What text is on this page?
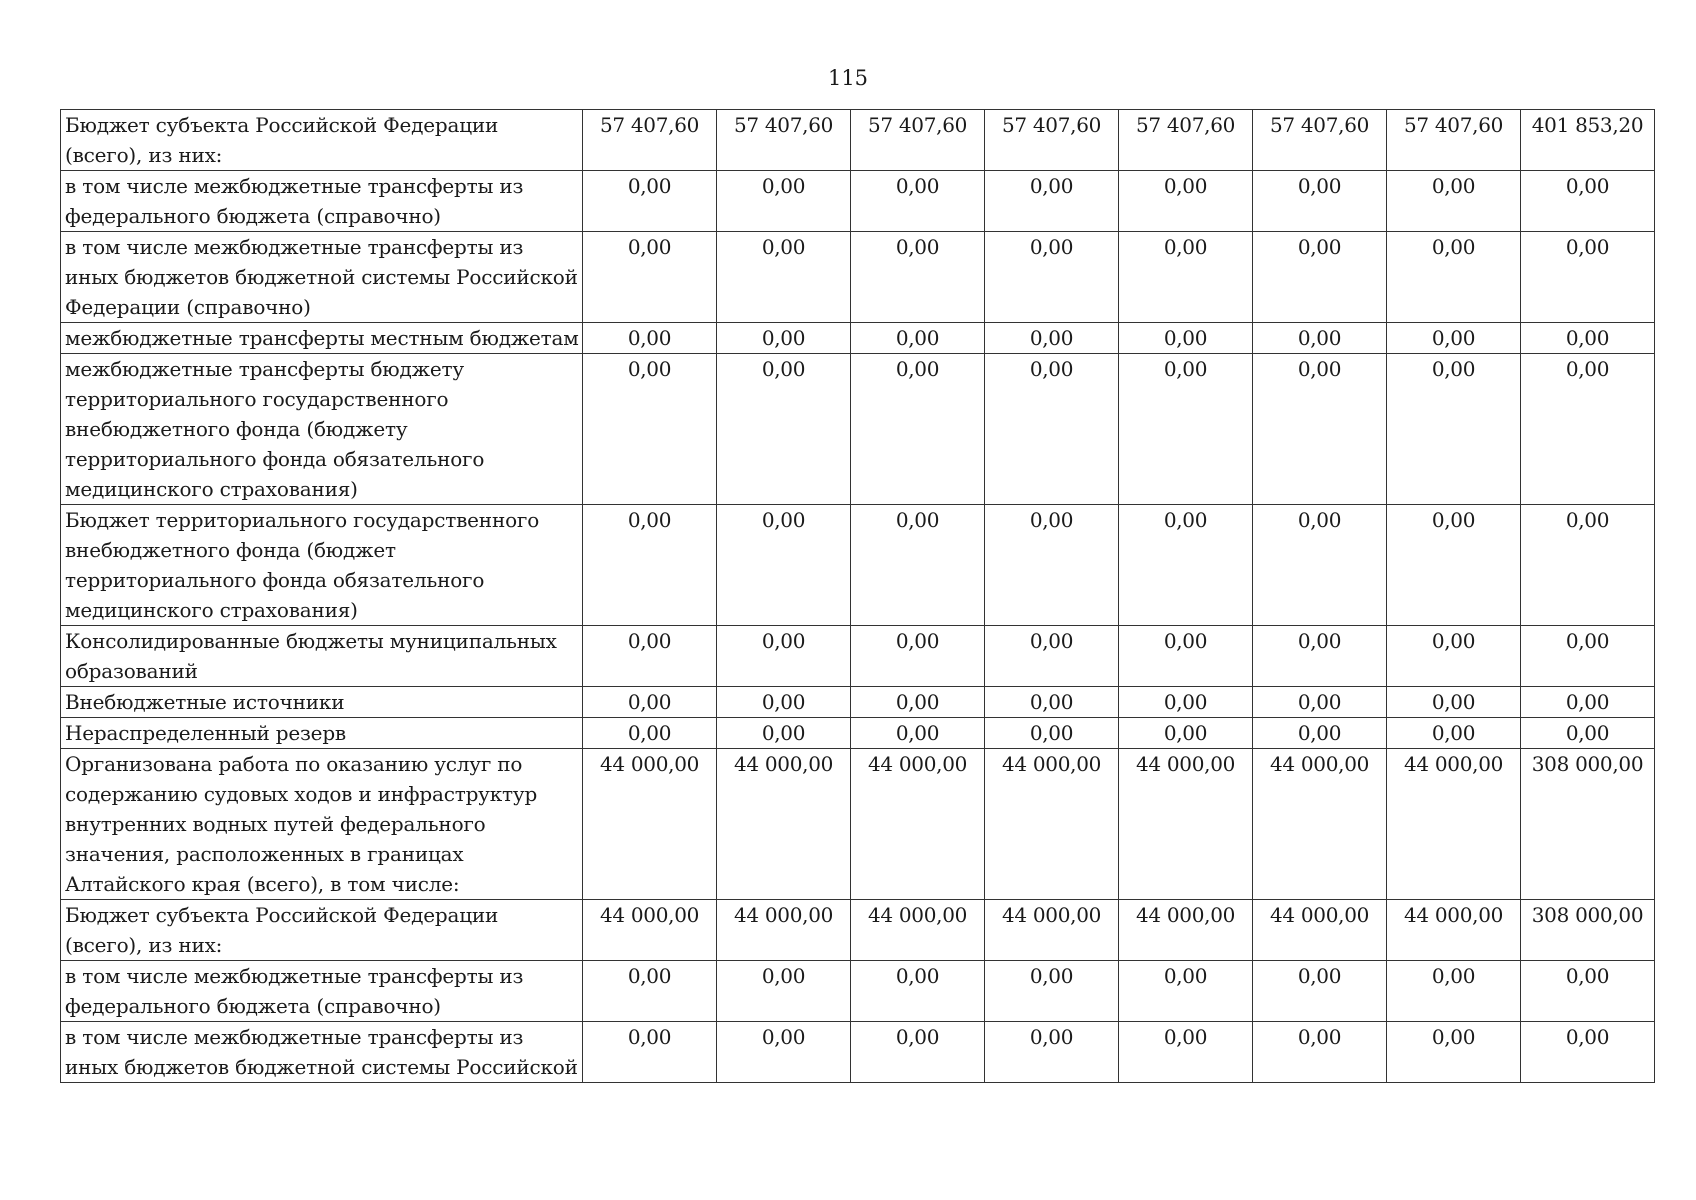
115
Бюджет субъекта Российской Федерации (всего), из них:	57 407,60	57 407,60	57 407,60	57 407,60	57 407,60	57 407,60	57 407,60	401 853,20
в том числе межбюджетные трансферты из федерального бюджета (справочно)	0,00	0,00	0,00	0,00	0,00	0,00	0,00	0,00
в том числе межбюджетные трансферты из иных бюджетов бюджетной системы Российской Федерации (справочно)	0,00	0,00	0,00	0,00	0,00	0,00	0,00	0,00
межбюджетные трансферты местным бюджетам	0,00	0,00	0,00	0,00	0,00	0,00	0,00	0,00
межбюджетные трансферты бюджету территориального государственного внебюджетного фонда (бюджету территориального фонда обязательного медицинского страхования)	0,00	0,00	0,00	0,00	0,00	0,00	0,00	0,00
Бюджет территориального государственного внебюджетного фонда (бюджет территориального фонда обязательного медицинского страхования)	0,00	0,00	0,00	0,00	0,00	0,00	0,00	0,00
Консолидированные бюджеты муниципальных образований	0,00	0,00	0,00	0,00	0,00	0,00	0,00	0,00
Внебюджетные источники	0,00	0,00	0,00	0,00	0,00	0,00	0,00	0,00
Нераспределенный резерв	0,00	0,00	0,00	0,00	0,00	0,00	0,00	0,00
Организована работа по оказанию услуг по содержанию судовых ходов и инфраструктур внутренних водных путей федерального значения, расположенных в границах Алтайского края (всего), в том числе:	44 000,00	44 000,00	44 000,00	44 000,00	44 000,00	44 000,00	44 000,00	308 000,00
Бюджет субъекта Российской Федерации (всего), из них:	44 000,00	44 000,00	44 000,00	44 000,00	44 000,00	44 000,00	44 000,00	308 000,00
в том числе межбюджетные трансферты из федерального бюджета (справочно)	0,00	0,00	0,00	0,00	0,00	0,00	0,00	0,00
в том числе межбюджетные трансферты из иных бюджетов бюджетной системы Российской	0,00	0,00	0,00	0,00	0,00	0,00	0,00	0,00
